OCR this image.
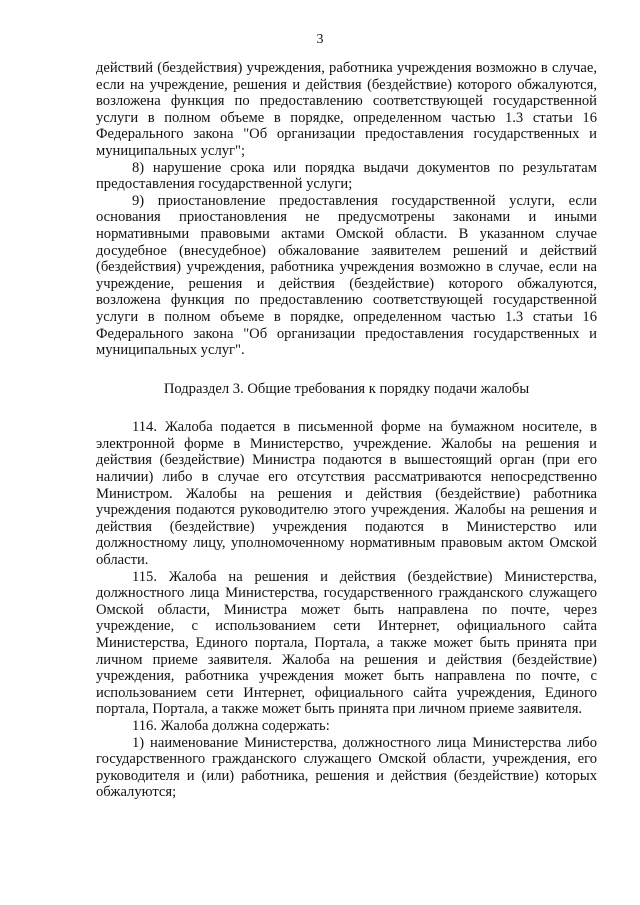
3

действий (бездействия) учреждения, работника учреждения возможно в случае, если на учреждение, решения и действия (бездействие) которого обжалуются, возложена функция по предоставлению соответствующей государственной услуги в полном объеме в порядке, определенном частью 1.3 статьи 16 Федерального закона "Об организации предоставления государственных и муниципальных услуг";

8) нарушение срока или порядка выдачи документов по результатам предоставления государственной услуги;

9) приостановление предоставления государственной услуги, если основания приостановления не предусмотрены законами и иными нормативными правовыми актами Омской области. В указанном случае досудебное (внесудебное) обжалование заявителем решений и действий (бездействия) учреждения, работника учреждения возможно в случае, если на учреждение, решения и действия (бездействие) которого обжалуются, возложена функция по предоставлению соответствующей государственной услуги в полном объеме в порядке, определенном частью 1.3 статьи 16 Федерального закона "Об организации предоставления государственных и муниципальных услуг".

Подраздел 3. Общие требования к порядку подачи жалобы

114. Жалоба подается в письменной форме на бумажном носителе, в электронной форме в Министерство, учреждение. Жалобы на решения и действия (бездействие) Министра подаются в вышестоящий орган (при его наличии) либо в случае его отсутствия рассматриваются непосредственно Министром. Жалобы на решения и действия (бездействие) работника учреждения подаются руководителю этого учреждения. Жалобы на решения и действия (бездействие) учреждения подаются в Министерство или должностному лицу, уполномоченному нормативным правовым актом Омской области.

115. Жалоба на решения и действия (бездействие) Министерства, должностного лица Министерства, государственного гражданского служащего Омской области, Министра может быть направлена по почте, через учреждение, с использованием сети Интернет, официального сайта Министерства, Единого портала, Портала, а также может быть принята при личном приеме заявителя. Жалоба на решения и действия (бездействие) учреждения, работника учреждения может быть направлена по почте, с использованием сети Интернет, официального сайта учреждения, Единого портала, Портала, а также может быть принята при личном приеме заявителя.

116. Жалоба должна содержать:

1) наименование Министерства, должностного лица Министерства либо государственного гражданского служащего Омской области, учреждения, его руководителя и (или) работника, решения и действия (бездействие) которых обжалуются;
